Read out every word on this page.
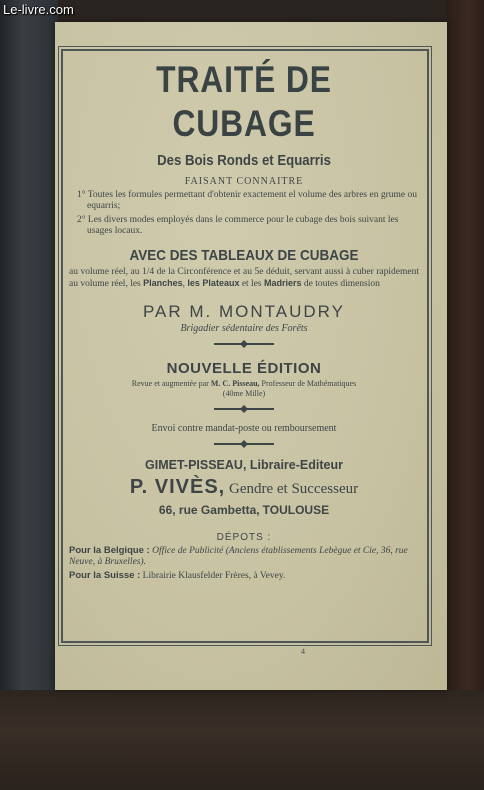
Le-livre.com
TRAITÉ DE CUBAGE
Des Bois Ronds et Equarris
FAISANT CONNAITRE
1° Toutes les formules permettant d'obtenir exactement el volume des arbres en grume ou equarris;
2° Les divers modes employés dans le commerce pour le cubage des bois suivant les usages locaux.
AVEC DES TABLEAUX DE CUBAGE
au volume réel, au 1/4 de la Circonférence et au 5e déduit, servant aussi à cuber rapidement au volume réel, les Planches, les Plateaux et les Madriers de toutes dimension
PAR M. MONTAUDRY
Brigadier sédentaire des Forêts
NOUVELLE ÉDITION
Revue et augmentée par M. C. Pisseau, Professeur de Mathématiques
(40me Mille)
Envoi contre mandat-poste ou remboursement
GIMET-PISSEAU, Libraire-Editeur
P. VIVÈS, Gendre et Successeur
66, rue Gambetta, TOULOUSE
DÉPOTS :
Pour la Belgique : Office de Publicité (Anciens établissements Lebègue et Cie, 36, rue Neuve, à Bruxelles).
Pour la Suisse : Librairie Klausfelder Frères, à Vevey.
4
